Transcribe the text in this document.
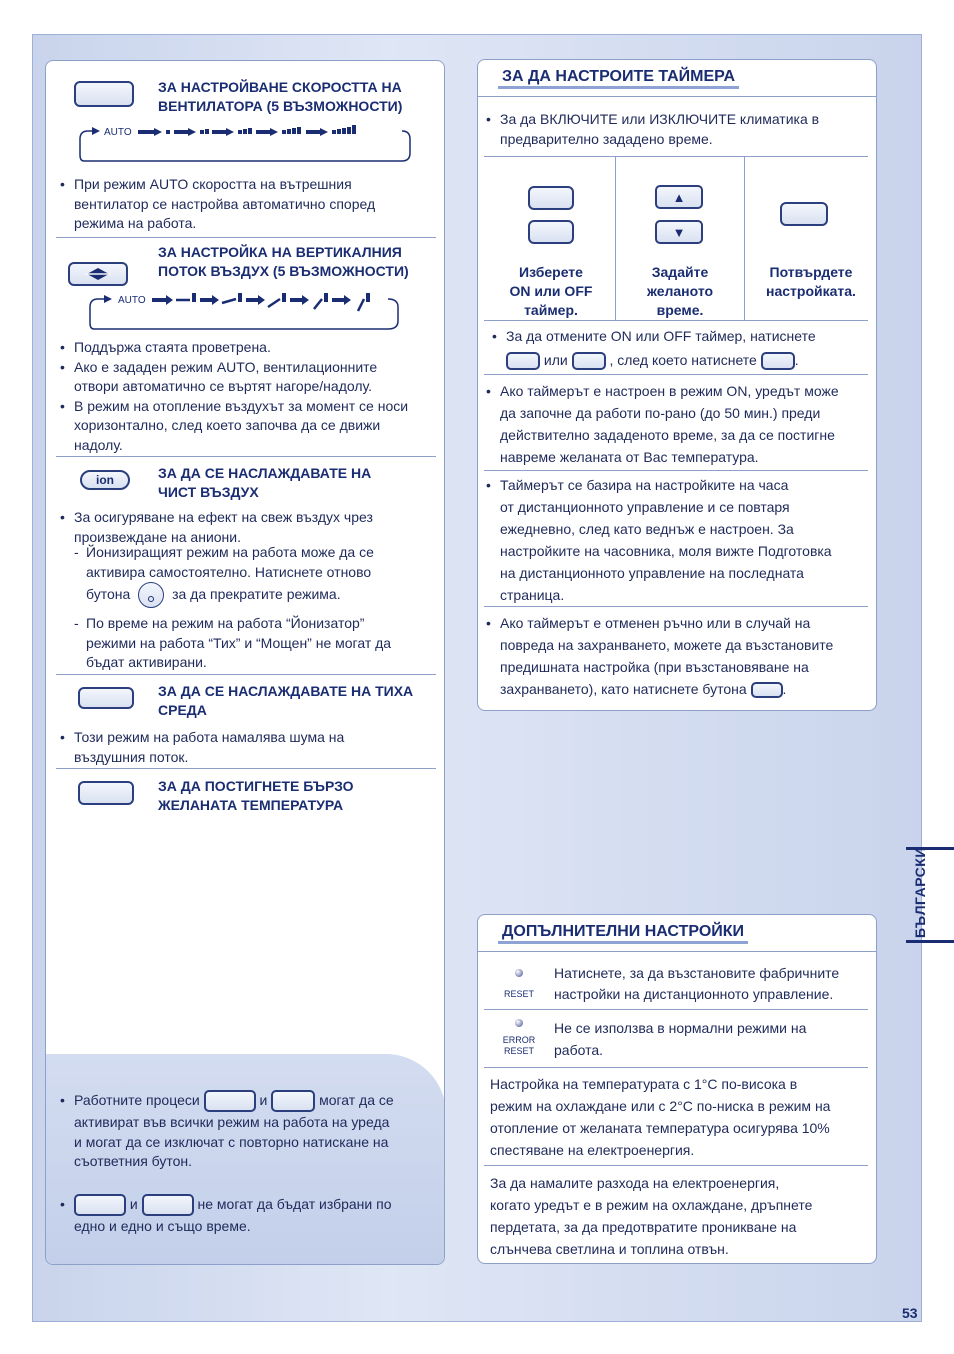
ЗА НАСТРОЙВАНЕ СКОРОСТТА НА
ВЕНТИЛАТОРА (5 ВЪЗМОЖНОСТИ)
AUTO
• При режим AUTO скоростта на вътрешния
вентилатор се настройва автоматично според
режима на работа.
ЗА НАСТРОЙКА НА ВЕРТИКАЛНИЯ
ПОТОК ВЪЗДУХ (5 ВЪЗМОЖНОСТИ)
AUTO
• Поддържа стаята проветрена.
• Ако е зададен режим AUTO, вентилационните
отвори автоматично се въртят нагоре/надолу.
• В режим на отопление въздухът за момент се носи
хоризонтално, след което започва да се движи
надолу.
ion	ЗА ДА СЕ НАСЛАЖДАВАТЕ НА
ЧИСТ ВЪЗДУХ
• За осигуряване на ефект на свеж въздух чрез
произвеждане на аниони.
- Йонизиращият режим на работа може да се
активира самостоятелно. Натиснете отново
бутона	за да прекратите режима.
- По време на режим на работа “Йонизатор”
режими на работа “Тих” и “Мощен” не могат да
бъдат активирани.
ЗА ДА СЕ НАСЛАЖДАВАТЕ НА ТИХА
СРЕДА
• Този режим на работа намалява шума на
въздушния поток.
ЗА ДА ПОСТИГНЕТЕ БЪРЗО
ЖЕЛАНАТА ТЕМПЕРАТУРА
• Работните процеси	и	могат да се
активират във всички режим на работа на уреда
и могат да се изключат с повторно натискане на
съответния бутон.
•	и	не могат да бъдат избрани по
едно и едно и също време.
ЗА ДА НАСТРОИТЕ ТАЙМЕРА
• За да ВКЛЮЧИТЕ или ИЗКЛЮЧИТЕ климатика в
предварително зададено време.
Изберете
ON или OFF
таймер.
▲
▼
Задайте
желаното
време.
Потвърдете
настройката.
• За да отмените ON или OFF таймер, натиснете
или	, след което натиснете	.
• Ако таймерът е настроен в режим ON, уредът може
да започне да работи по-рано (до 50 мин.) преди
действително зададеното време, за да се постигне
навреме желаната от Вас температура.
• Таймерът се базира на настройките на часа
от дистанционното управление и се повтаря
ежедневно, след като веднъж е настроен. За
настройките на часовника, моля вижте Подготовка
на дистанционното управление на последната
страница.
• Ако таймерът е отменен ръчно или в случай на
повреда на захранването, можете да възстановите
предишната настройка (при възстановяване на
захранването), като натиснете бутона	.
ДОПЪЛНИТЕЛНИ НАСТРОЙКИ
RESET
Натиснете, за да възстановите фабричните
настройки на дистанционното управление.
ERROR
RESET
Не се използва в нормални режими на
работа.
Настройка на температурата с 1°C по-висока в
режим на охлаждане или с 2°C по-ниска в режим на
отопление от желаната температура осигурява 10%
спестяване на електроенергия.
За да намалите разхода на електроенергия,
когато уредът е в режим на охлаждане, дръпнете
пердетата, за да предотвратите проникване на
слънчева светлина и топлина отвън.
БЪЛГАРСКИ
53
